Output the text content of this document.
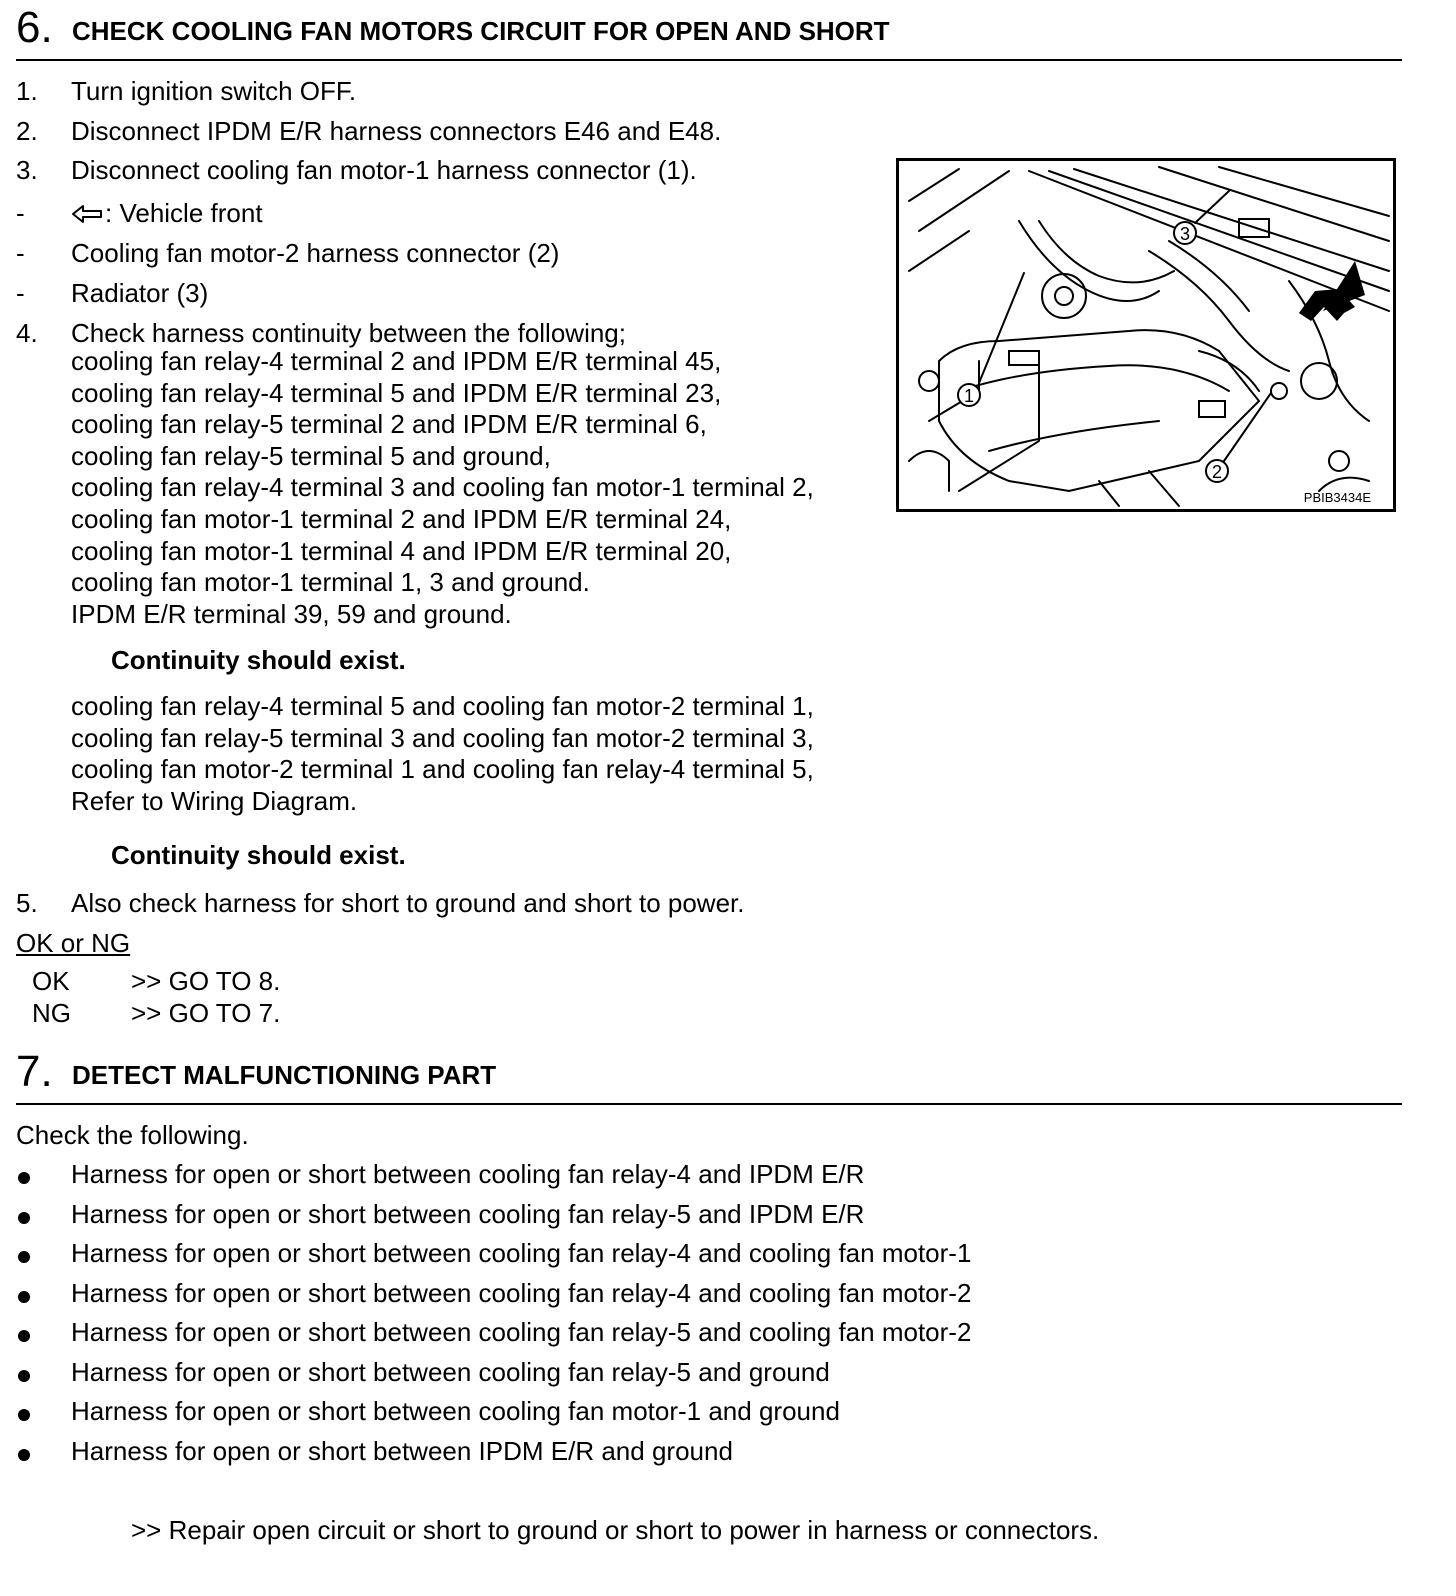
6. CHECK COOLING FAN MOTORS CIRCUIT FOR OPEN AND SHORT
1. Turn ignition switch OFF.
2. Disconnect IPDM E/R harness connectors E46 and E48.
3. Disconnect cooling fan motor-1 harness connector (1).
-	: Vehicle front
- Cooling fan motor-2 harness connector (2)
- Radiator (3)
4. Check harness continuity between the following;
cooling fan relay-4 terminal 2 and IPDM E/R terminal 45,
cooling fan relay-4 terminal 5 and IPDM E/R terminal 23,
cooling fan relay-5 terminal 2 and IPDM E/R terminal 6,
cooling fan relay-5 terminal 5 and ground,
cooling fan relay-4 terminal 3 and cooling fan motor-1 terminal 2,
cooling fan motor-1 terminal 2 and IPDM E/R terminal 24,
cooling fan motor-1 terminal 4 and IPDM E/R terminal 20,
cooling fan motor-1 terminal 1, 3 and ground.
IPDM E/R terminal 39, 59 and ground.
Continuity should exist.
cooling fan relay-4 terminal 5 and cooling fan motor-2 terminal 1,
cooling fan relay-5 terminal 3 and cooling fan motor-2 terminal 3,
cooling fan motor-2 terminal 1 and cooling fan relay-4 terminal 5,
Refer to Wiring Diagram.
Continuity should exist.
5. Also check harness for short to ground and short to power.
OK or NG
OK >> GO TO 8.
NG >> GO TO 7.
1
2
3
PBIB3434E
7. DETECT MALFUNCTIONING PART
Check the following.
Harness for open or short between cooling fan relay-4 and IPDM E/R
Harness for open or short between cooling fan relay-5 and IPDM E/R
Harness for open or short between cooling fan relay-4 and cooling fan motor-1
Harness for open or short between cooling fan relay-4 and cooling fan motor-2
Harness for open or short between cooling fan relay-5 and cooling fan motor-2
Harness for open or short between cooling fan relay-5 and ground
Harness for open or short between cooling fan motor-1 and ground
Harness for open or short between IPDM E/R and ground
>> Repair open circuit or short to ground or short to power in harness or connectors.
